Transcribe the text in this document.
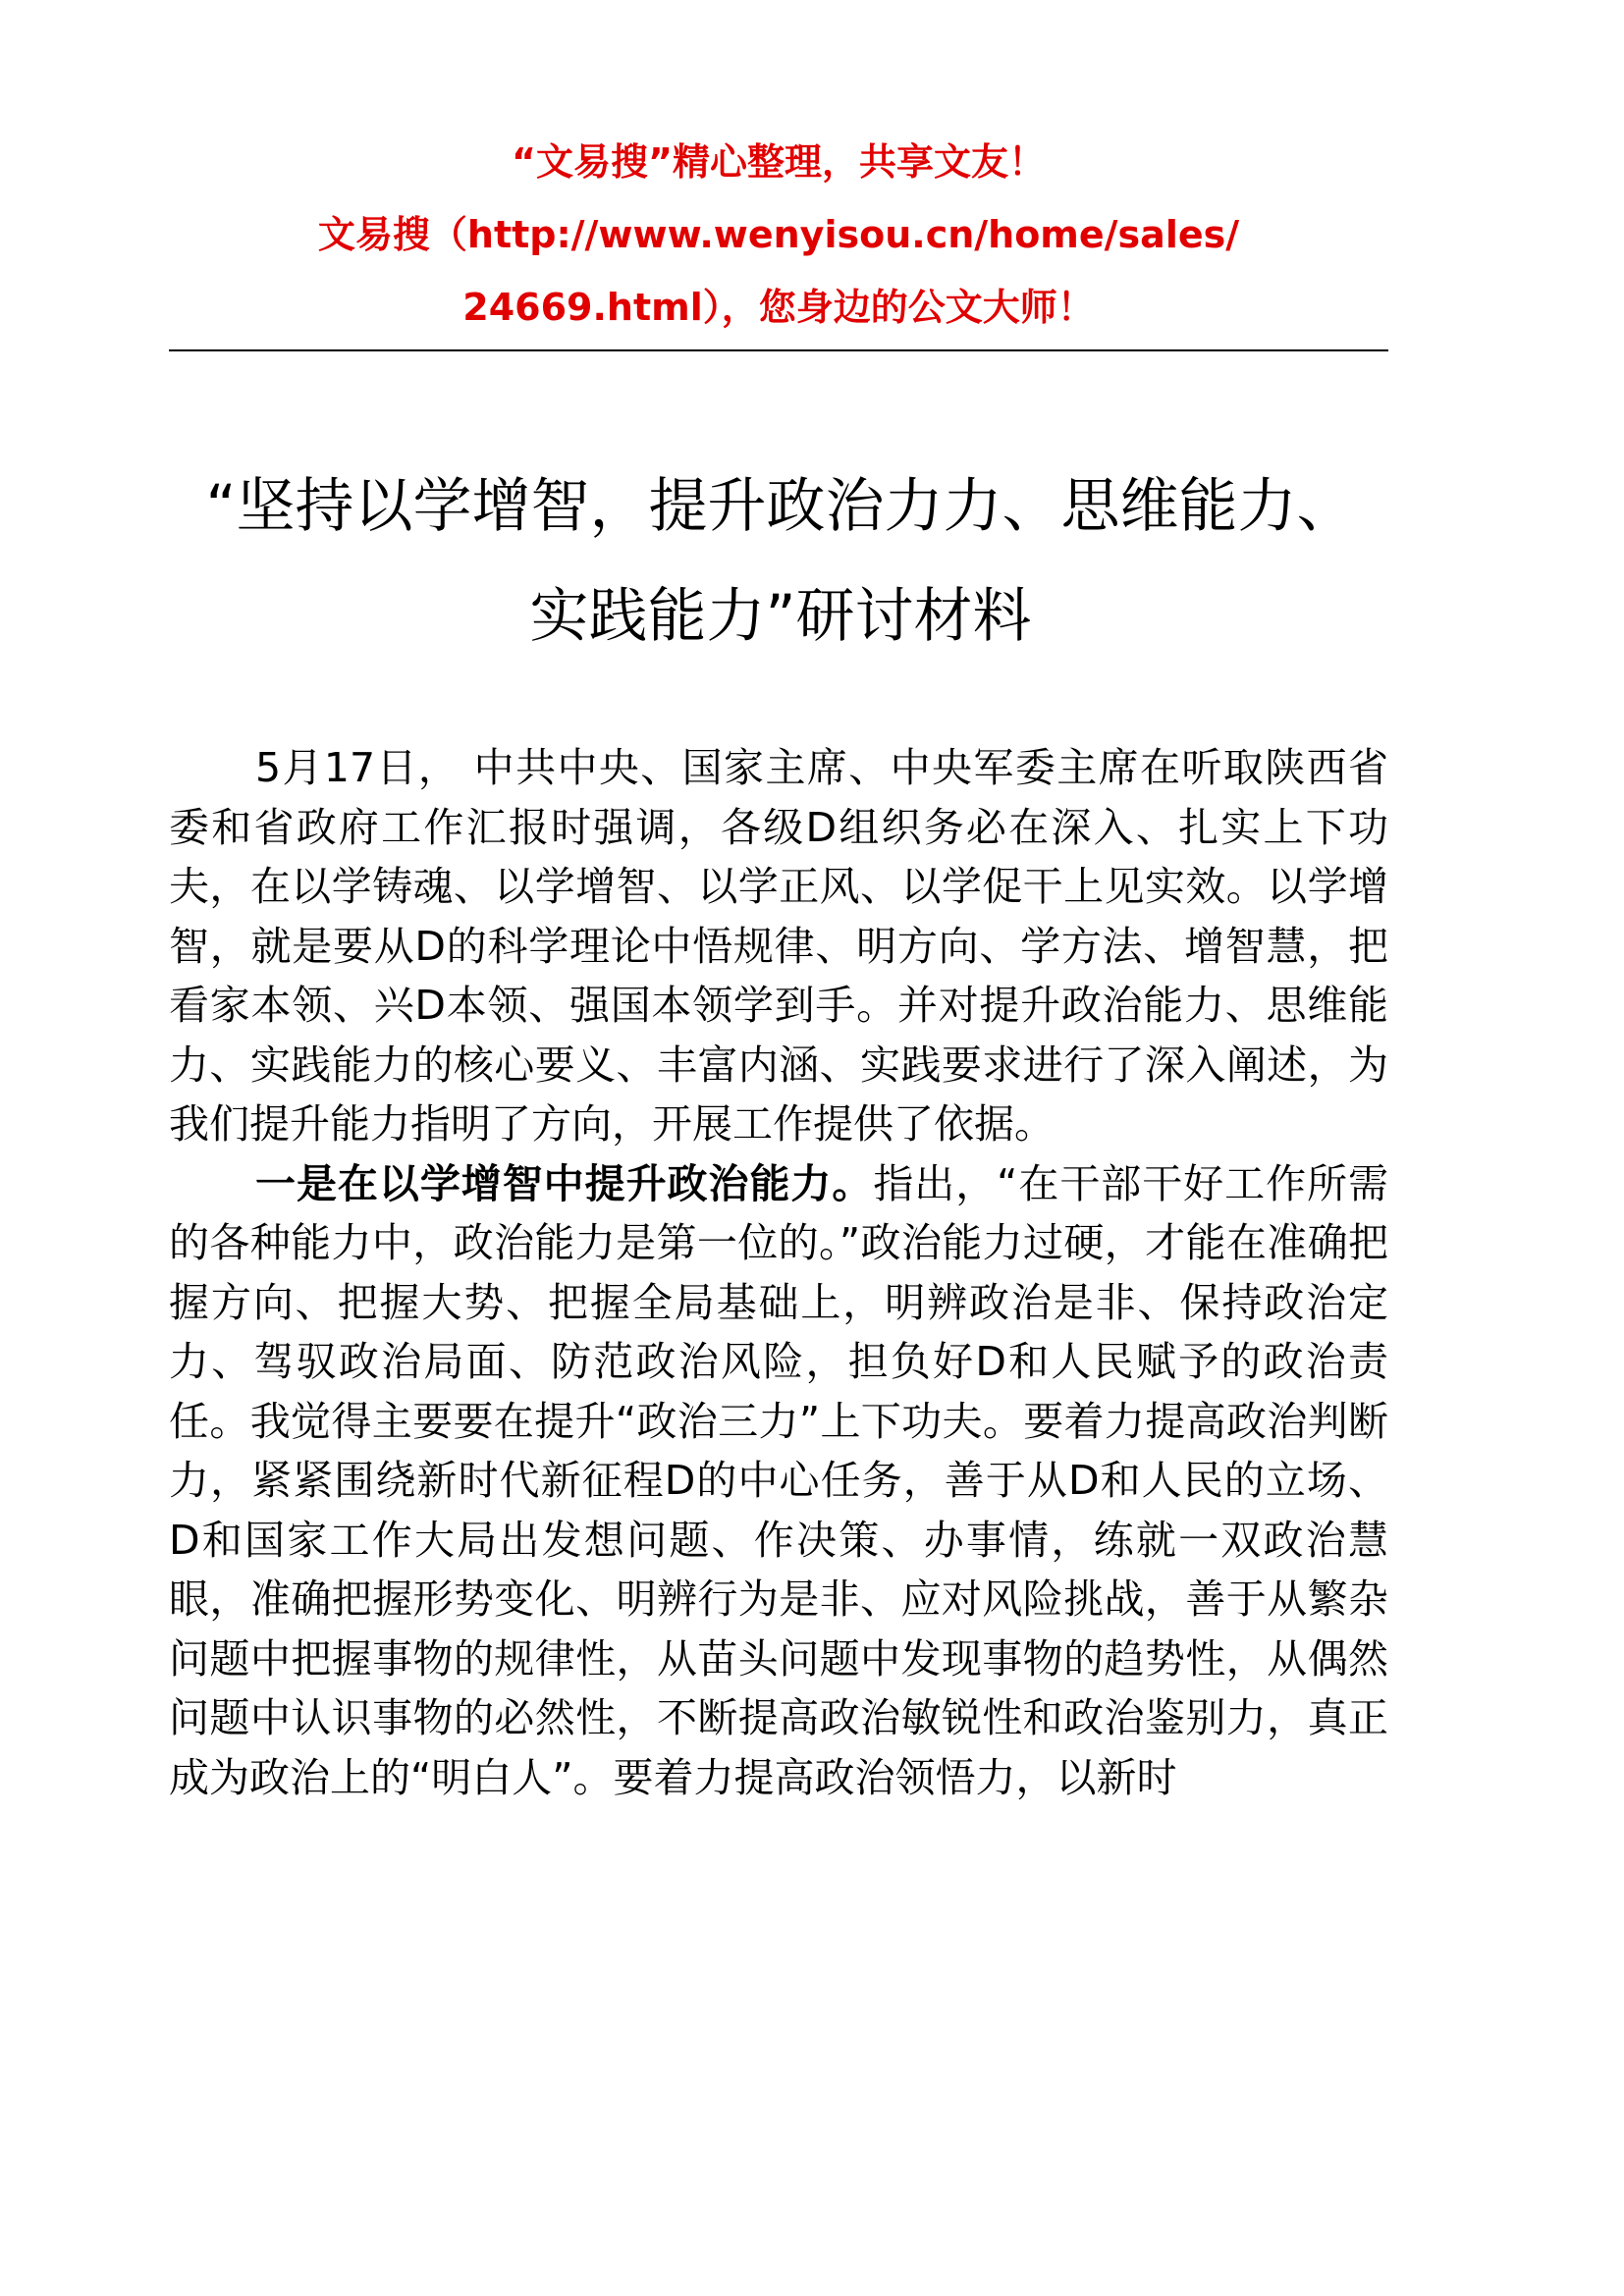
“文易搜”精心整理，共享文友！
文易搜（http://www.wenyisou.cn/home/sales/
24669.html），您身边的公文大师！
“坚持以学增智，提升政治力力、思维能力、
实践能力”研讨材料

5月17日， 中共中央、国家主席、中央军委主席在听取陕西省委和省政府工作汇报时强调，各级D组织务必在深入、扎实上下功夫，在以学铸魂、以学增智、以学正风、以学促干上见实效。以学增智，就是要从D的科学理论中悟规律、明方向、学方法、增智慧，把看家本领、兴D本领、强国本领学到手。并对提升政治能力、思维能力、实践能力的核心要义、丰富内涵、实践要求进行了深入阐述，为我们提升能力指明了方向，开展工作提供了依据。

一是在以学增智中提升政治能力。指出，“在干部干好工作所需的各种能力中，政治能力是第一位的。”政治能力过硬，才能在准确把握方向、把握大势、把握全局基础上，明辨政治是非、保持政治定力、驾驭政治局面、防范政治风险，担负好D和人民赋予的政治责任。我觉得主要要在提升“政治三力”上下功夫。要着力提高政治判断力，紧紧围绕新时代新征程D的中心任务，善于从D和人民的立场、D和国家工作大局出发想问题、作决策、办事情，练就一双政治慧眼，准确把握形势变化、明辨行为是非、应对风险挑战，善于从繁杂问题中把握事物的规律性，从苗头问题中发现事物的趋势性，从偶然问题中认识事物的必然性，不断提高政治敏锐性和政治鉴别力，真正成为政治上的“明白人”。要着力提高政治领悟力，以新时
